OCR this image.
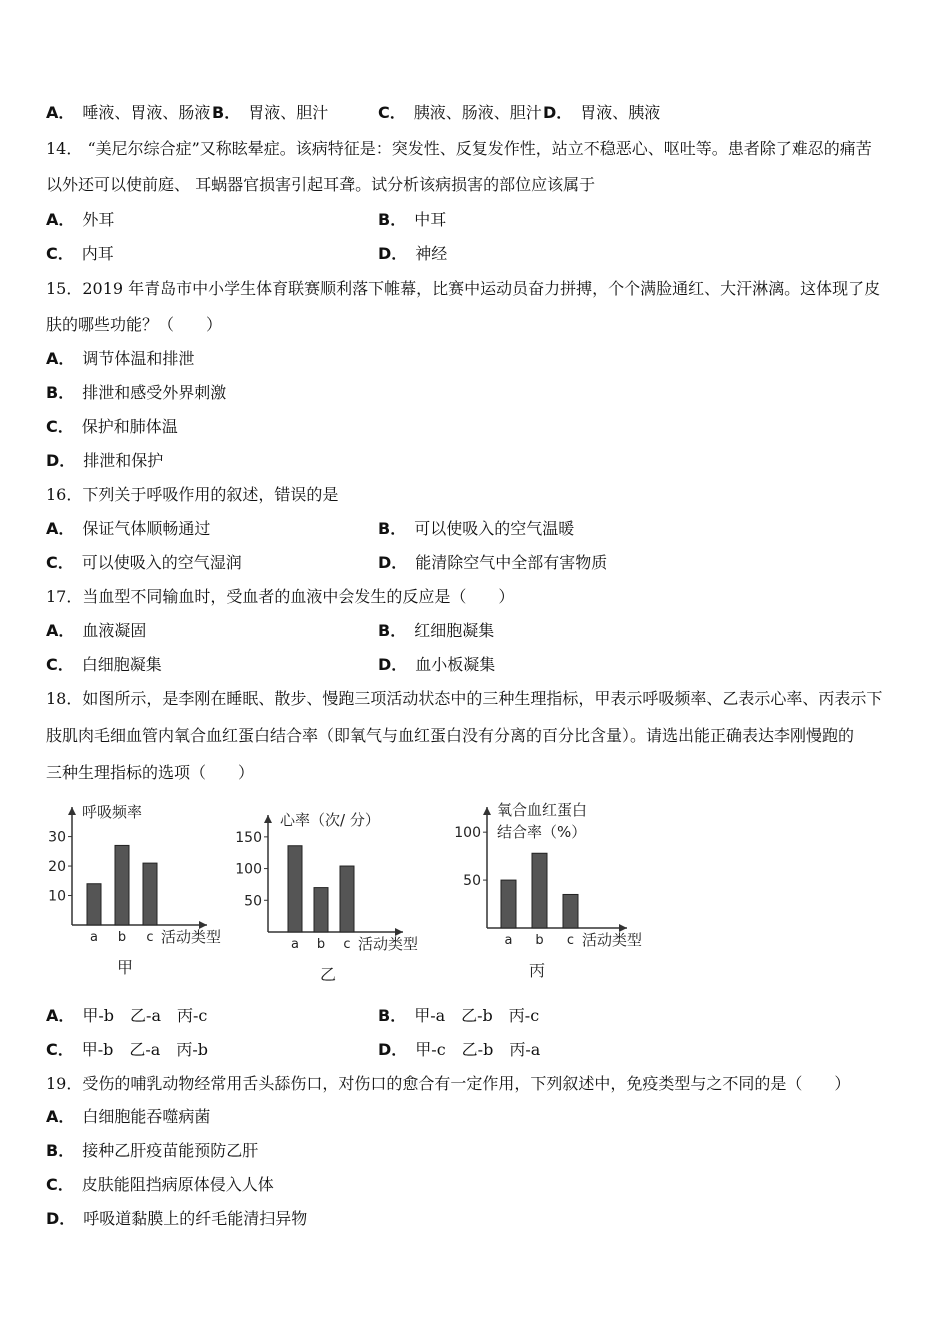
A． 唾液、胃液、肠液 B． 胃液、胆汁	C． 胰液、肠液、胆汁 D． 胃液、胰液
14． “美尼尔综合症”又称眩晕症。该病特征是：突发性、反复发作性，站立不稳恶心、呕吐等。患者除了难忍的痛苦
以外还可以使前庭、 耳蜗器官损害引起耳聋。试分析该病损害的部位应该属于
A． 外耳	B． 中耳
C． 内耳	D． 神经
15．2019 年青岛市中小学生体育联赛顺利落下帷幕，比赛中运动员奋力拼搏，个个满脸通红、大汗淋漓。这体现了皮
肤的哪些功能？（　　）
A． 调节体温和排泄
B． 排泄和感受外界刺激
C． 保护和肺体温
D． 排泄和保护
16．下列关于呼吸作用的叙述，错误的是
A． 保证气体顺畅通过	B． 可以使吸入的空气温暖
C． 可以使吸入的空气湿润	D． 能清除空气中全部有害物质
17．当血型不同输血时，受血者的血液中会发生的反应是（　　）
A． 血液凝固	B． 红细胞凝集
C． 白细胞凝集	D． 血小板凝集
18．如图所示，是李刚在睡眠、散步、慢跑三项活动状态中的三种生理指标，甲表示呼吸频率、乙表示心率、丙表示下
肢肌肉毛细血管内氧合血红蛋白结合率（即氧气与血红蛋白没有分离的百分比含量）。请选出能正确表达李刚慢跑的
三种生理指标的选项（　　）
10
20
30
a b c 活动类型
呼吸频率
甲
50
100
150
a b c 活动类型
心率（次/ 分）
乙
50
100
a b c 活动类型
氧合血红蛋白
结合率（%）
丙
A． 甲-b　乙-a　丙-c	B． 甲-a　乙-b　丙-c
C． 甲-b　乙-a　丙-b	D． 甲-c　乙-b　丙-a
19．受伤的哺乳动物经常用舌头舔伤口，对伤口的愈合有一定作用，下列叙述中，免疫类型与之不同的是（　　）
A． 白细胞能吞噬病菌
B． 接种乙肝疫苗能预防乙肝
C． 皮肤能阻挡病原体侵入人体
D． 呼吸道黏膜上的纤毛能清扫异物
